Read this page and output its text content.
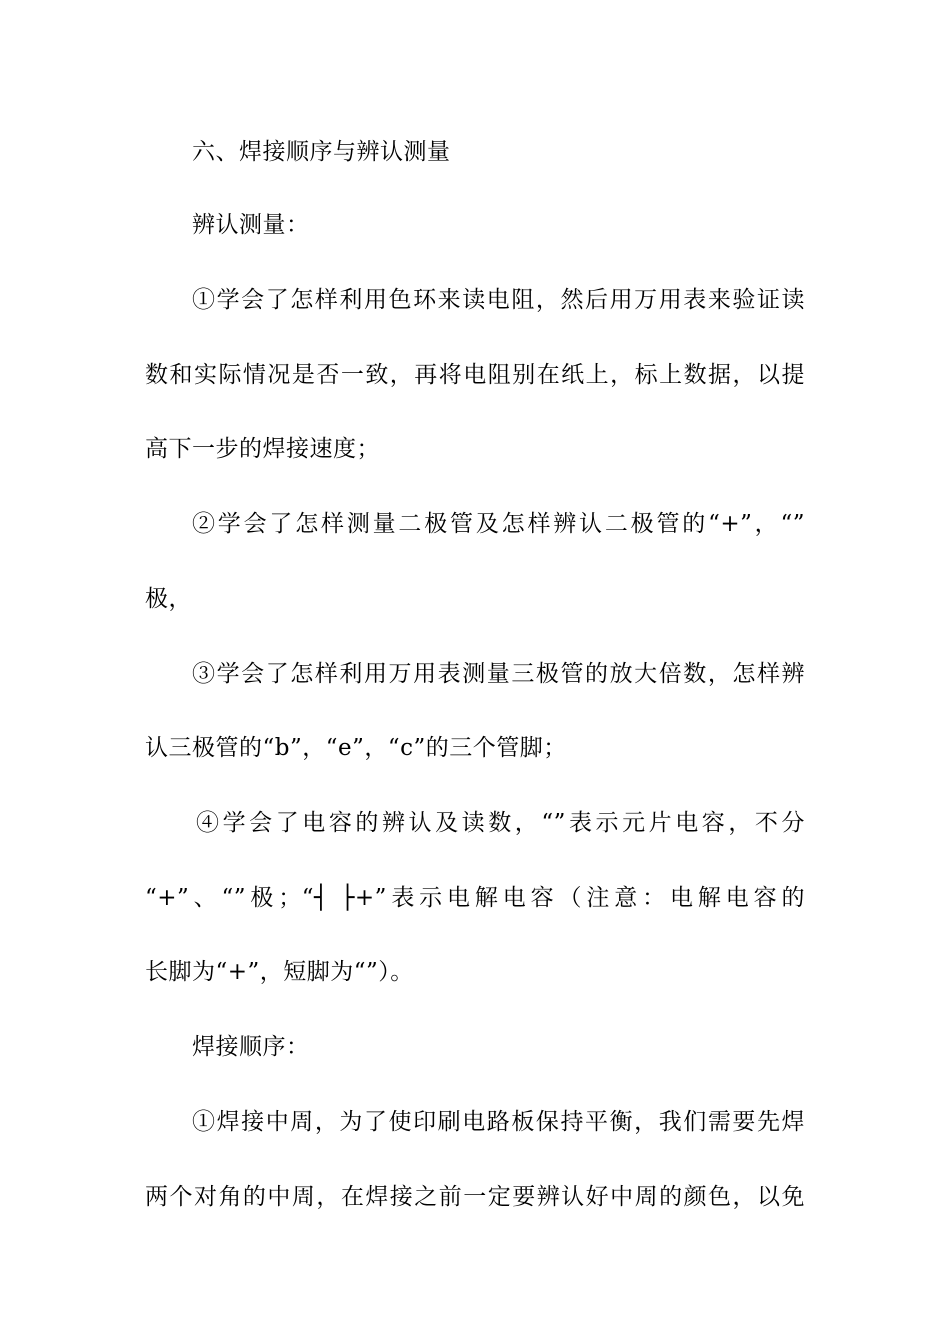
六、焊接顺序与辨认测量
辨认测量：
①学会了怎样利用色环来读电阻，然后用万用表来验证读
数和实际情况是否一致，再将电阻别在纸上，标上数据，以提
高下一步的焊接速度；
②学会了怎样测量二极管及怎样辨认二极管的“+”，“”
极，
③学会了怎样利用万用表测量三极管的放大倍数，怎样辨
认三极管的“b”，“e”，“c”的三个管脚；
④学会了电容的辨认及读数，“”表示元片电容，不分
“+”、“”极；“┤ ├+”表示电解电容（注意：电解电容的
长脚为“+”，短脚为“”）。
焊接顺序：
①焊接中周，为了使印刷电路板保持平衡，我们需要先焊
两个对角的中周，在焊接之前一定要辨认好中周的颜色，以免
